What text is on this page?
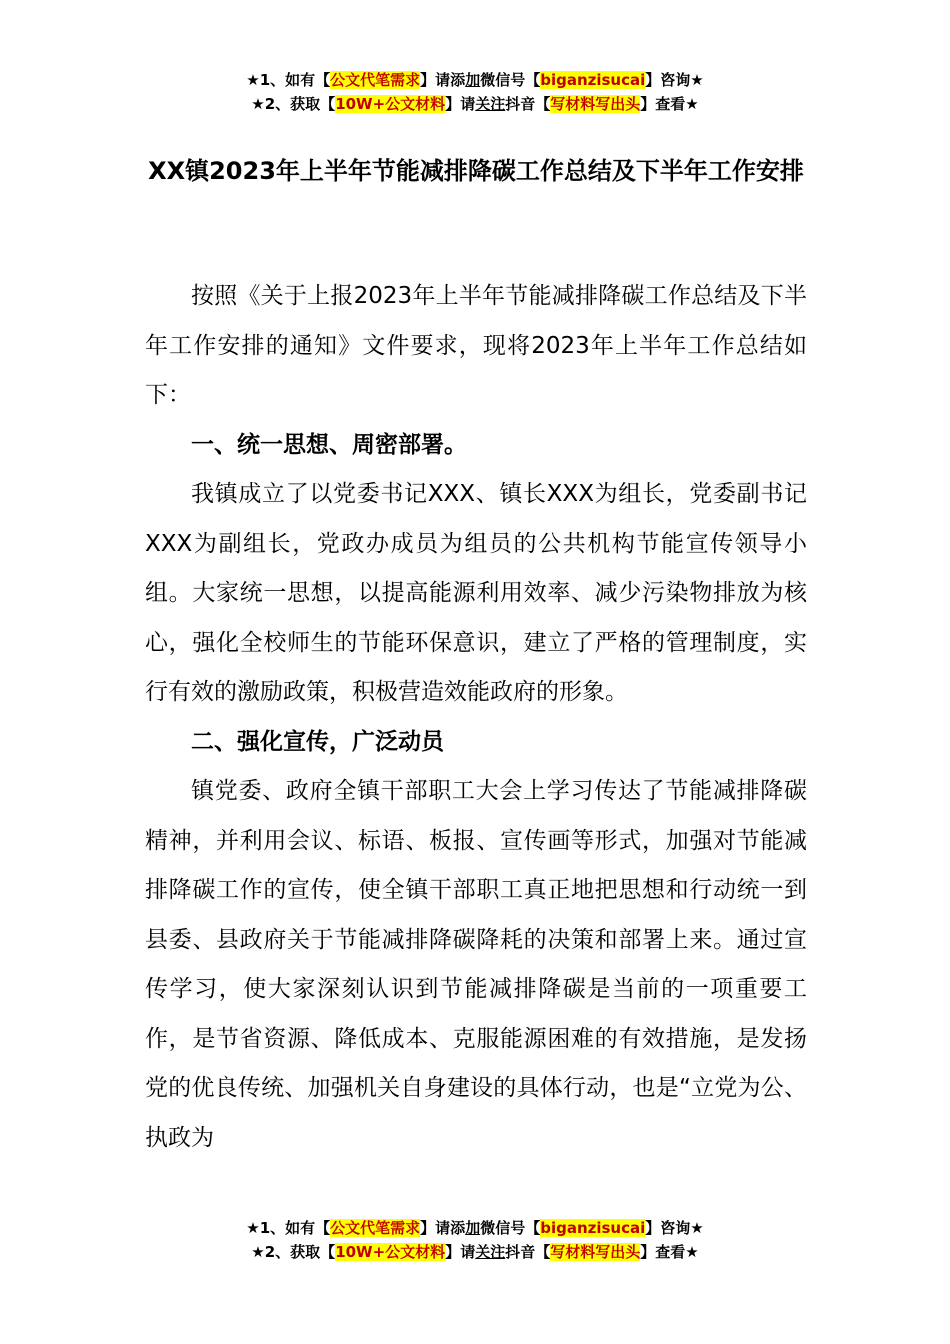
★1、如有【公文代笔需求】请添加微信号【biganzisucai】咨询★
★2、获取【10W+公文材料】请关注抖音【写材料写出头】查看★
XX镇2023年上半年节能减排降碳工作总结及下半年工作安排

按照《关于上报2023年上半年节能减排降碳工作总结及下半年工作安排的通知》文件要求，现将2023年上半年工作总结如下：

一、统一思想、周密部署。

我镇成立了以党委书记XXX、镇长XXX为组长，党委副书记XXX为副组长，党政办成员为组员的公共机构节能宣传领导小组。大家统一思想，以提高能源利用效率、减少污染物排放为核心，强化全校师生的节能环保意识，建立了严格的管理制度，实行有效的激励政策，积极营造效能政府的形象。

二、强化宣传，广泛动员

镇党委、政府全镇干部职工大会上学习传达了节能减排降碳精神，并利用会议、标语、板报、宣传画等形式，加强对节能减排降碳工作的宣传，使全镇干部职工真正地把思想和行动统一到县委、县政府关于节能减排降碳降耗的决策和部署上来。通过宣传学习，使大家深刻认识到节能减排降碳是当前的一项重要工作，是节省资源、降低成本、克服能源困难的有效措施，是发扬党的优良传统、加强机关自身建设的具体行动，也是“立党为公、执政为

★1、如有【公文代笔需求】请添加微信号【biganzisucai】咨询★
★2、获取【10W+公文材料】请关注抖音【写材料写出头】查看★
